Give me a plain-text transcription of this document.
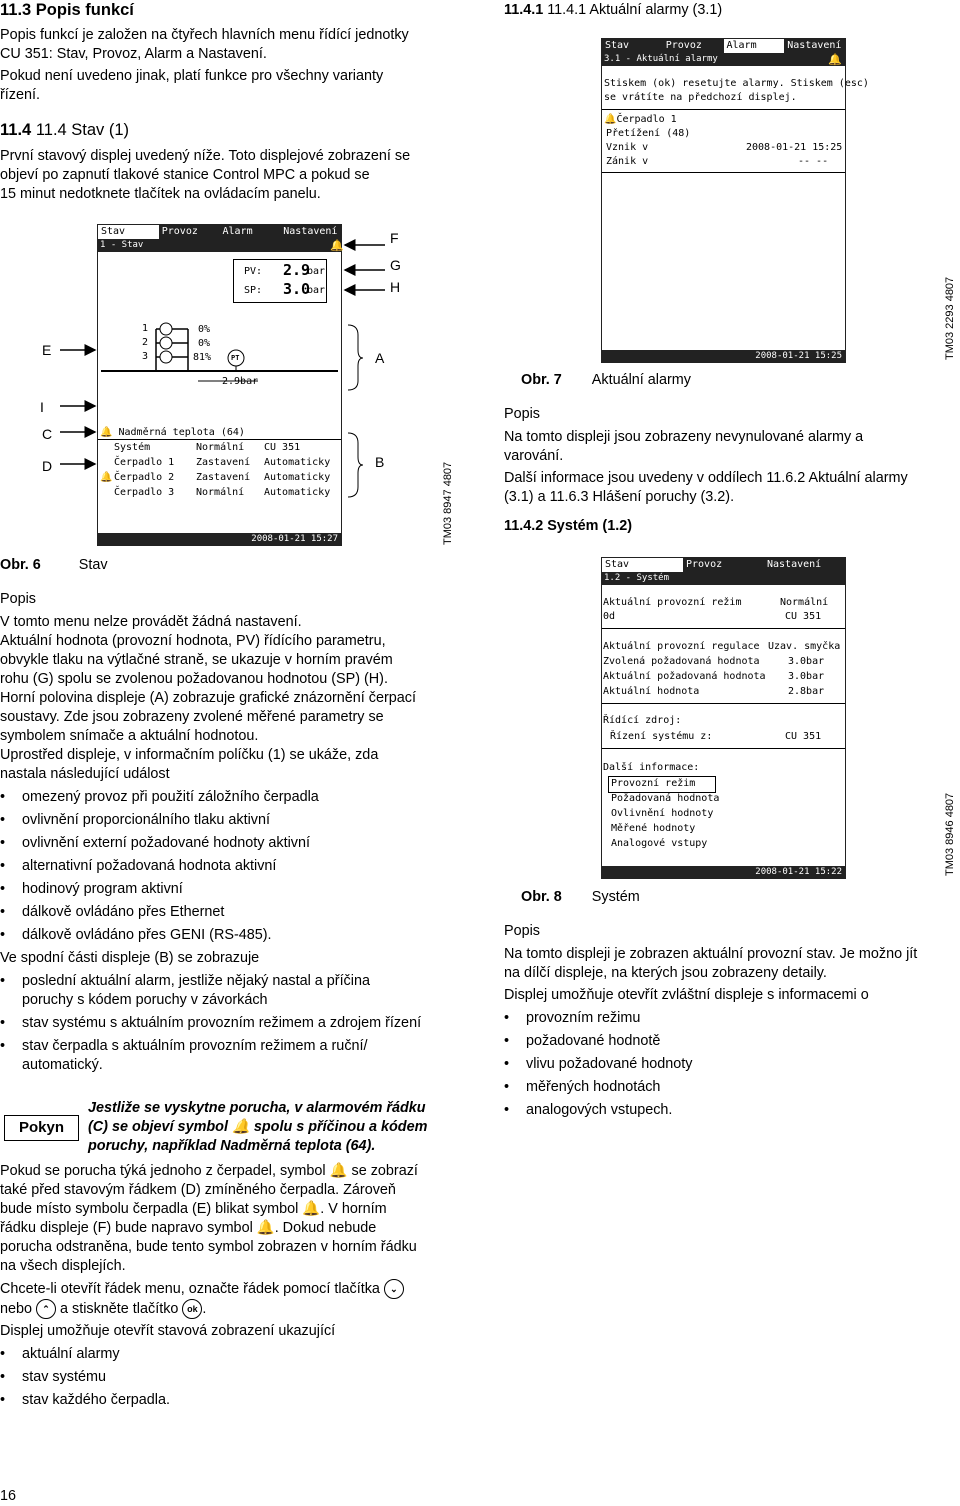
11.3 Popis funkcí

Popis funkcí je založen na čtyřech hlavních menu řídící jednotky

CU 351: Stav, Provoz, Alarm a Nastavení.

Pokud není uvedeno jinak, platí funkce pro všechny varianty

řízení.

11.4 11.4 Stav (1)

První stavový displej uvedený níže. Toto displejové zobrazení se

objeví po zapnutí tlakové stanice Control MPC a pokud se

15 minut nedotknete tlačítek na ovládacím panelu.

Stav	Provoz	Alarm	Nastavení
1 - Stav	🔔
PV: 2.9
bar
SP: 3.0
bar
1
2
3
0%
0%
81%	PT
2.9bar
🔔 Nadměrná teplota (64)
Systém	Normální CU 351
Čerpadlo 1 Zastavení Automaticky
🔔 Čerpadlo 2 Zastavení Automaticky
Čerpadlo 3 Normální Automaticky
2008-01-21 15:27
F
G
H
E	A
I
C
D	B	TM03 8947 4807
Obr. 6	Stav

Popis

V tomto menu nelze provádět žádná nastavení.

Aktuální hodnota (provozní hodnota, PV) řídícího parametru,

obvykle tlaku na výtlačné straně, se ukazuje v horním pravém

rohu (G) spolu se zvolenou požadovanou hodnotou (SP) (H).

Horní polovina displeje (A) zobrazuje grafické znázornění čerpací

soustavy. Zde jsou zobrazeny zvolené měřené parametry se

symbolem snímače a aktuální hodnotou.

Uprostřed displeje, v informačním políčku (1) se ukáže, zda

nastala následující událost

• omezený provoz při použití záložního čerpadla

• ovlivnění proporcionálního tlaku aktivní

• ovlivnění externí požadované hodnoty aktivní

• alternativní požadovaná hodnota aktivní

• hodinový program aktivní

• dálkově ovládáno přes Ethernet

• dálkově ovládáno přes GENI (RS-485).

Ve spodní části displeje (B) se zobrazuje

• poslední aktuální alarm, jestliže nějaký nastal a příčina

poruchy s kódem poruchy v závorkách

• stav systému s aktuálním provozním režimem a zdrojem řízení

• stav čerpadla s aktuálním provozním režimem a ruční/

automatický.

Pokyn

Jestliže se vyskytne porucha, v alarmovém řádku

(C) se objeví symbol 🔔 spolu s příčinou a kódem

poruchy, například Nadměrná teplota (64).

Pokud se porucha týká jednoho z čerpadel, symbol 🔔 se zobrazí

také před stavovým řádkem (D) zmíněného čerpadla. Zároveň

bude místo symbolu čerpadla (E) blikat symbol 🔔. V horním

řádku displeje (F) bude napravo symbol 🔔. Dokud nebude

porucha odstraněna, bude tento symbol zobrazen v horním řádku

na všech displejích.

Chcete-li otevřít řádek menu, označte řádek pomocí tlačítka ⌄

nebo ⌃ a stiskněte tlačítko ok .

Displej umožňuje otevřít stavová zobrazení ukazující

• aktuální alarmy

• stav systému

• stav každého čerpadla.

16
11.4.1 11.4.1 Aktuální alarmy (3.1)
Stav	Provoz	Alarm	Nastavení
3.1 - Aktuální alarmy	🔔
Stiskem (ok) resetujte alarmy. Stiskem (esc)
se vrátíte na předchozí displej.
🔔Čerpadlo 1
Přetížení (48)
Vznik v	2008-01-21 15:25
Zánik v	-- --
2008-01-21 15:25	TM03 2293 4807
Obr. 7 Aktuální alarmy

Popis

Na tomto displeji jsou zobrazeny nevynulované alarmy a

varování.

Další informace jsou uvedeny v oddílech 11.6.2 Aktuální alarmy

(3.1) a 11.6.3 Hlášení poruchy (3.2).

11.4.2 Systém (1.2)
Stav	Provoz	Nastavení
1.2 - Systém
Aktuální provozní režim	Normální
0d	CU 351
Aktuální provozní regulace Uzav. smyčka
Zvolená požadovaná hodnota	3.0bar
Aktuální požadovaná hodnota 3.0bar
Aktuální hodnota	2.8bar
Řídící zdroj:
Řízení systému z:	CU 351
Další informace:
Provozní režim
Požadovaná hodnota
Ovlivnění hodnoty
Měřené hodnoty
Analogové vstupy
2008-01-21 15:22	TM03 8946 4807
Obr. 8 Systém

Popis

Na tomto displeji je zobrazen aktuální provozní stav. Je možno jít

na dílčí displeje, na kterých jsou zobrazeny detaily.

Displej umožňuje otevřít zvláštní displeje s informacemi o

• provozním režimu

• požadované hodnotě

• vlivu požadované hodnoty

• měřených hodnotách

• analogových vstupech.
